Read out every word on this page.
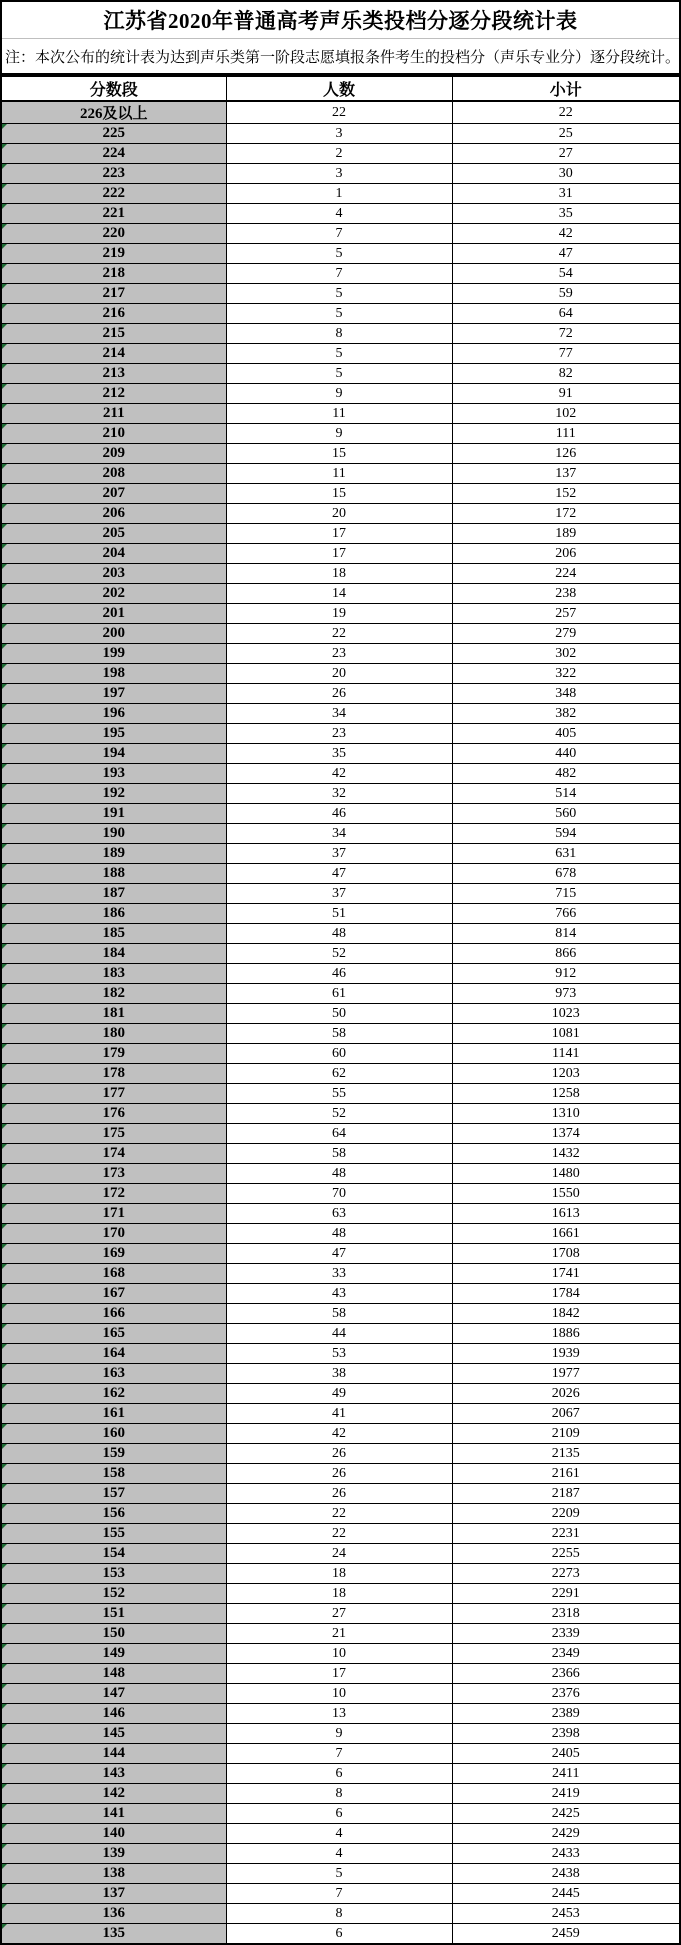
江苏省2020年普通高考声乐类投档分逐分段统计表
注：本次公布的统计表为达到声乐类第一阶段志愿填报条件考生的投档分（声乐专业分）逐分段统计。
分数段	人数	小计
226及以上	22	22

225	3	25

224	2	27

223	3	30

222	1	31

221	4	35

220	7	42

219	5	47

218	7	54

217	5	59

216	5	64

215	8	72

214	5	77

213	5	82

212	9	91

211	11	102

210	9	111

209	15	126

208	11	137

207	15	152

206	20	172

205	17	189

204	17	206

203	18	224

202	14	238

201	19	257

200	22	279

199	23	302

198	20	322

197	26	348

196	34	382

195	23	405

194	35	440

193	42	482

192	32	514

191	46	560

190	34	594

189	37	631

188	47	678

187	37	715

186	51	766

185	48	814

184	52	866

183	46	912

182	61	973

181	50	1023

180	58	1081

179	60	1141

178	62	1203

177	55	1258

176	52	1310

175	64	1374

174	58	1432

173	48	1480

172	70	1550

171	63	1613

170	48	1661

169	47	1708

168	33	1741

167	43	1784

166	58	1842

165	44	1886

164	53	1939

163	38	1977

162	49	2026

161	41	2067

160	42	2109

159	26	2135

158	26	2161

157	26	2187

156	22	2209

155	22	2231

154	24	2255

153	18	2273

152	18	2291

151	27	2318

150	21	2339

149	10	2349

148	17	2366

147	10	2376

146	13	2389

145	9	2398

144	7	2405

143	6	2411

142	8	2419

141	6	2425

140	4	2429

139	4	2433

138	5	2438

137	7	2445

136	8	2453

135	6	2459
